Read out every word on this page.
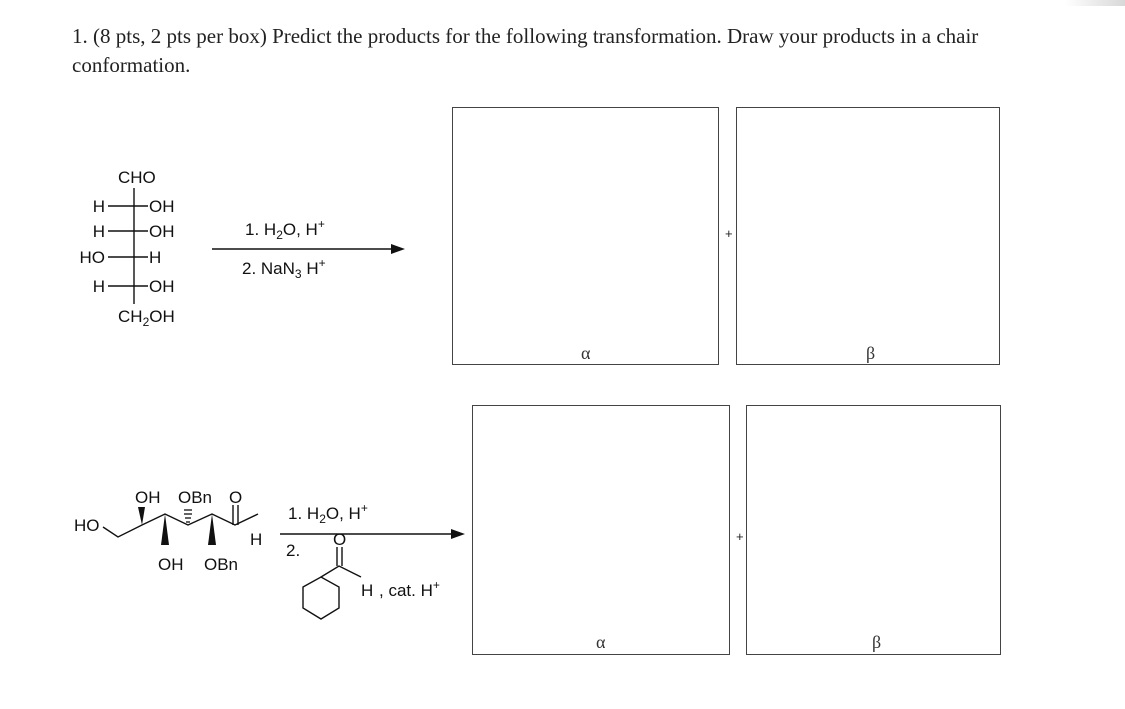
1. (8 pts, 2 pts per box) Predict the products for the following transformation. Draw your products in a chair conformation.
CHO
H	OH
H	OH
HO	H
H	OH
$CH_2OH$
1. $H_2O$, H+
2. NaN$_3$ H+
α
+
β
HO
OH OBn O
H
OH OBn
1. $H_2O$, H+
2.
O
H , cat. H+
α
+
β
